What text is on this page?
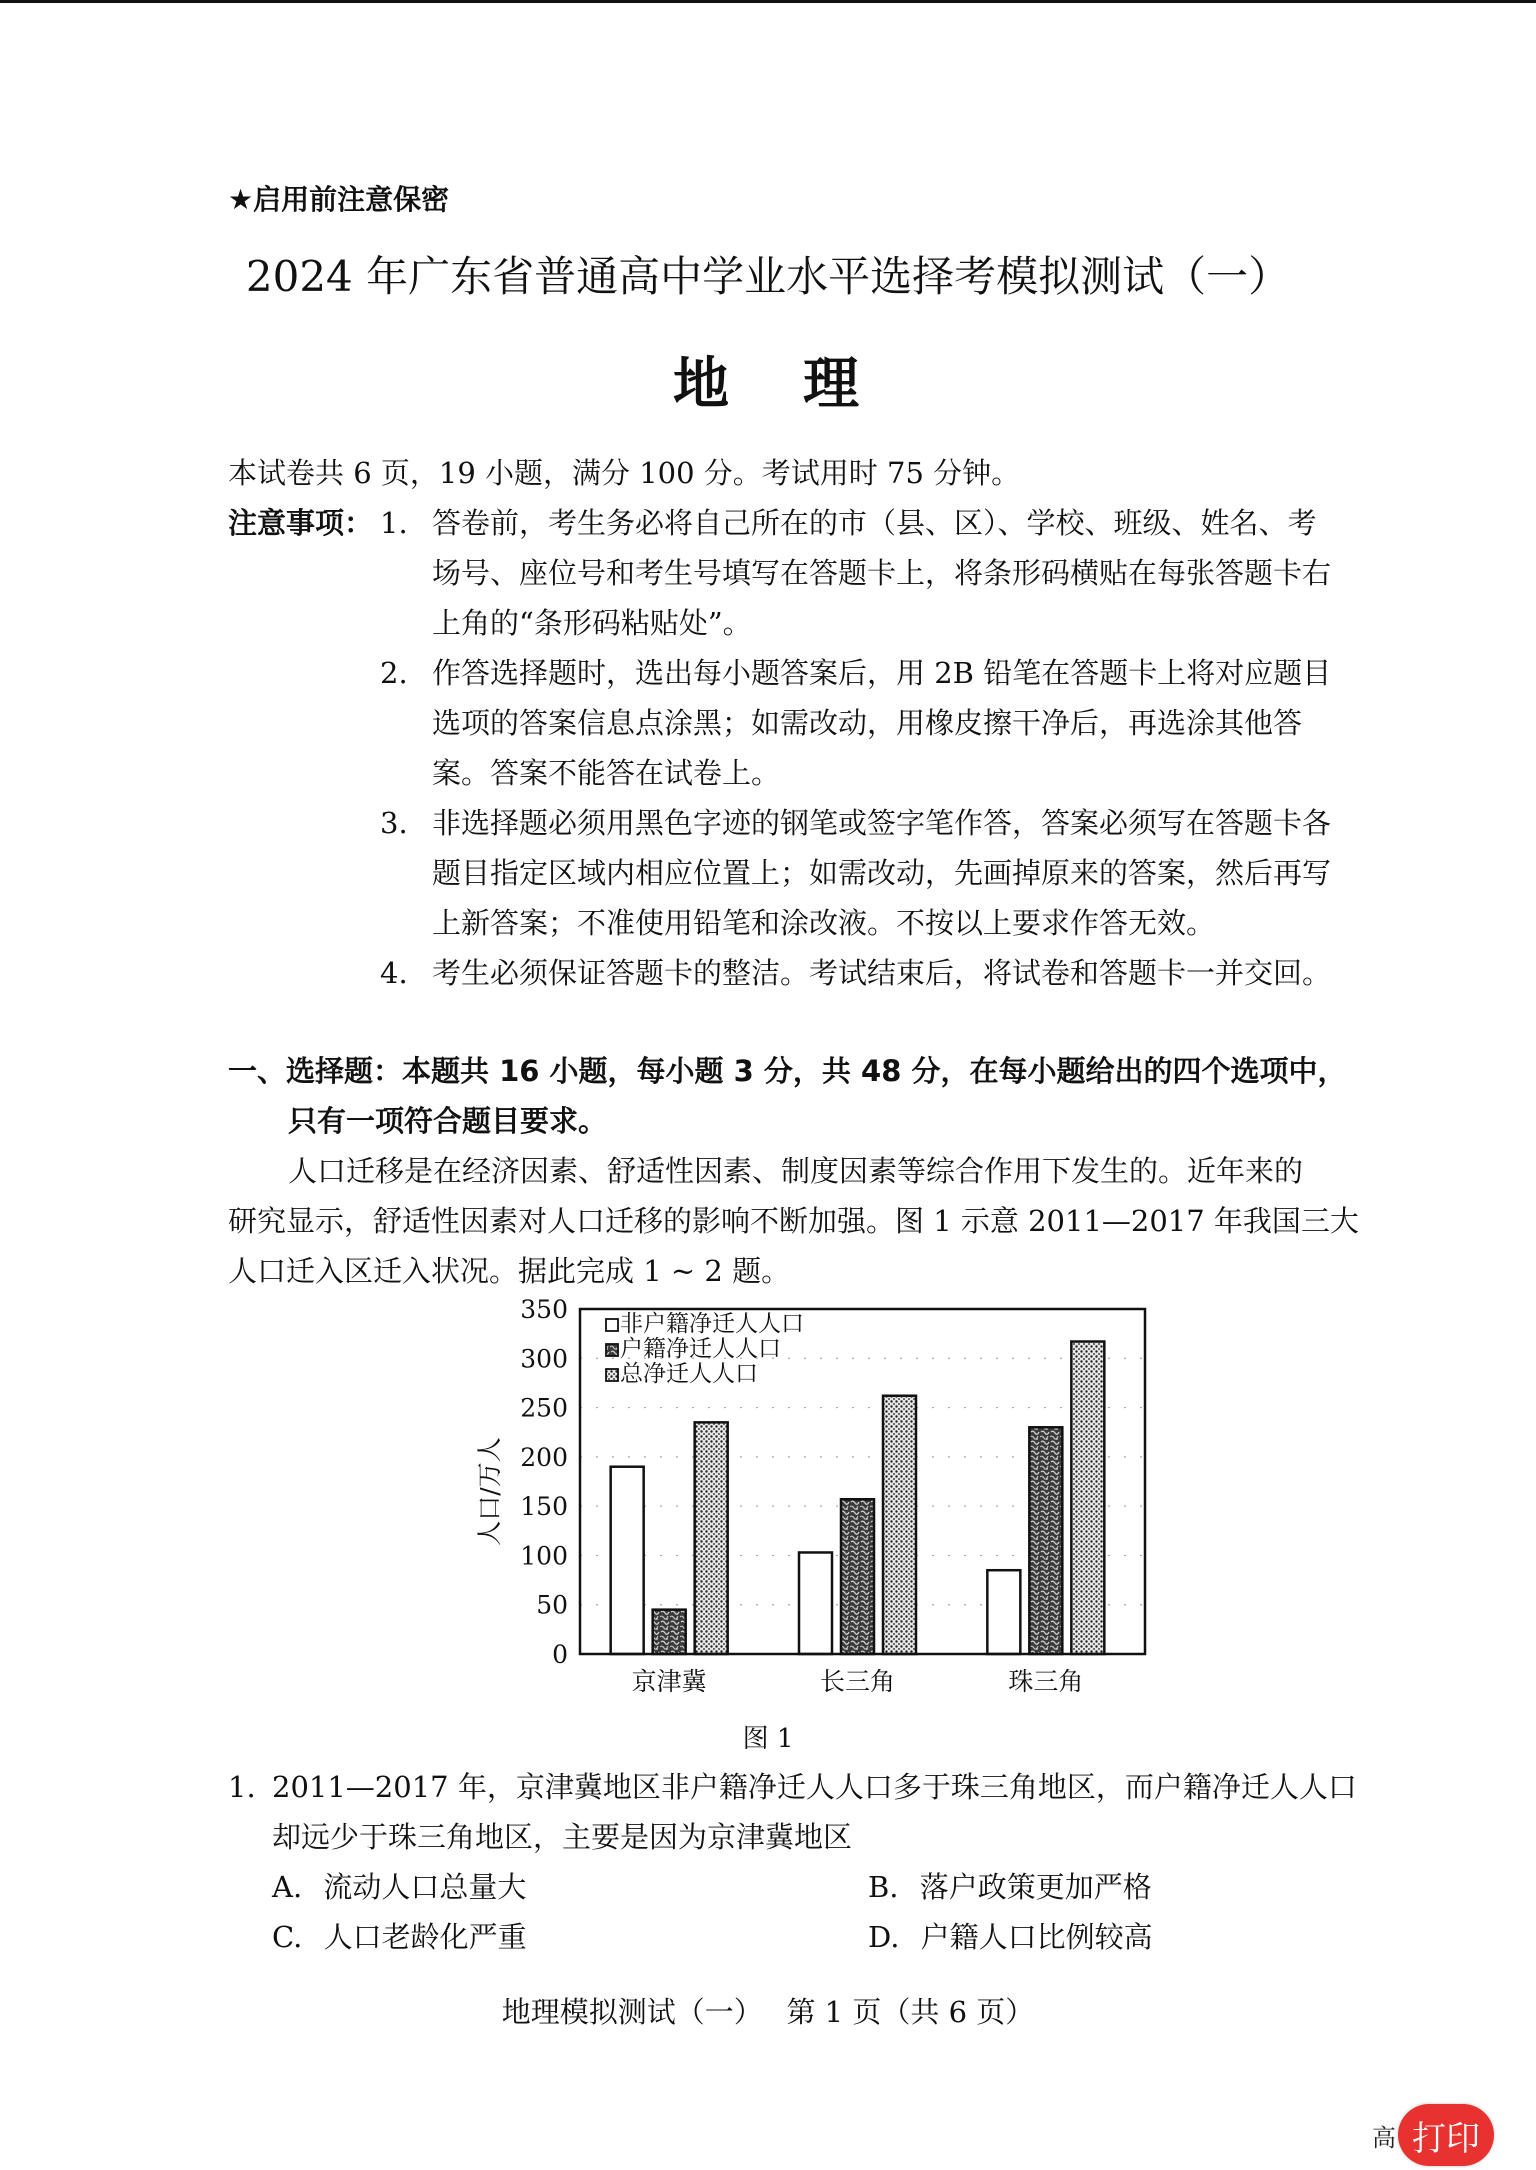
★启用前注意保密
2024 年广东省普通高中学业水平选择考模拟测试（一）
地 理
本试卷共 6 页，19 小题，满分 100 分。考试用时 75 分钟。
注意事项： 1. 答卷前，考生务必将自己所在的市（县、区）、学校、班级、姓名、考
场号、座位号和考生号填写在答题卡上，将条形码横贴在每张答题卡右
上角的“条形码粘贴处”。
2. 作答选择题时，选出每小题答案后，用 2B 铅笔在答题卡上将对应题目
选项的答案信息点涂黑；如需改动，用橡皮擦干净后，再选涂其他答
案。答案不能答在试卷上。
3. 非选择题必须用黑色字迹的钢笔或签字笔作答，答案必须写在答题卡各
题目指定区域内相应位置上；如需改动，先画掉原来的答案，然后再写
上新答案；不准使用铅笔和涂改液。不按以上要求作答无效。
4. 考生必须保证答题卡的整洁。考试结束后，将试卷和答题卡一并交回。
一、选择题：本题共 16 小题，每小题 3 分，共 48 分，在每小题给出的四个选项中，
只有一项符合题目要求。
人口迁移是在经济因素、舒适性因素、制度因素等综合作用下发生的。近年来的
研究显示，舒适性因素对人口迁移的影响不断加强。图 1 示意 2011—2017 年我国三大
人口迁入区迁入状况。据此完成 1 ~ 2 题。
0
50
100
150
200
250
300
350
京津冀	长三角	珠三角
人口/万人
非户籍净迁人人口
户籍净迁人人口
总净迁人人口
图 1
1. 2011—2017 年，京津冀地区非户籍净迁人人口多于珠三角地区，而户籍净迁人人口
却远少于珠三角地区，主要是因为京津冀地区
A. 流动人口总量大	B. 落户政策更加严格
C. 人口老龄化严重	D. 户籍人口比例较高
地理模拟测试（一）　 第 1 页（共 6 页）
高 打印
